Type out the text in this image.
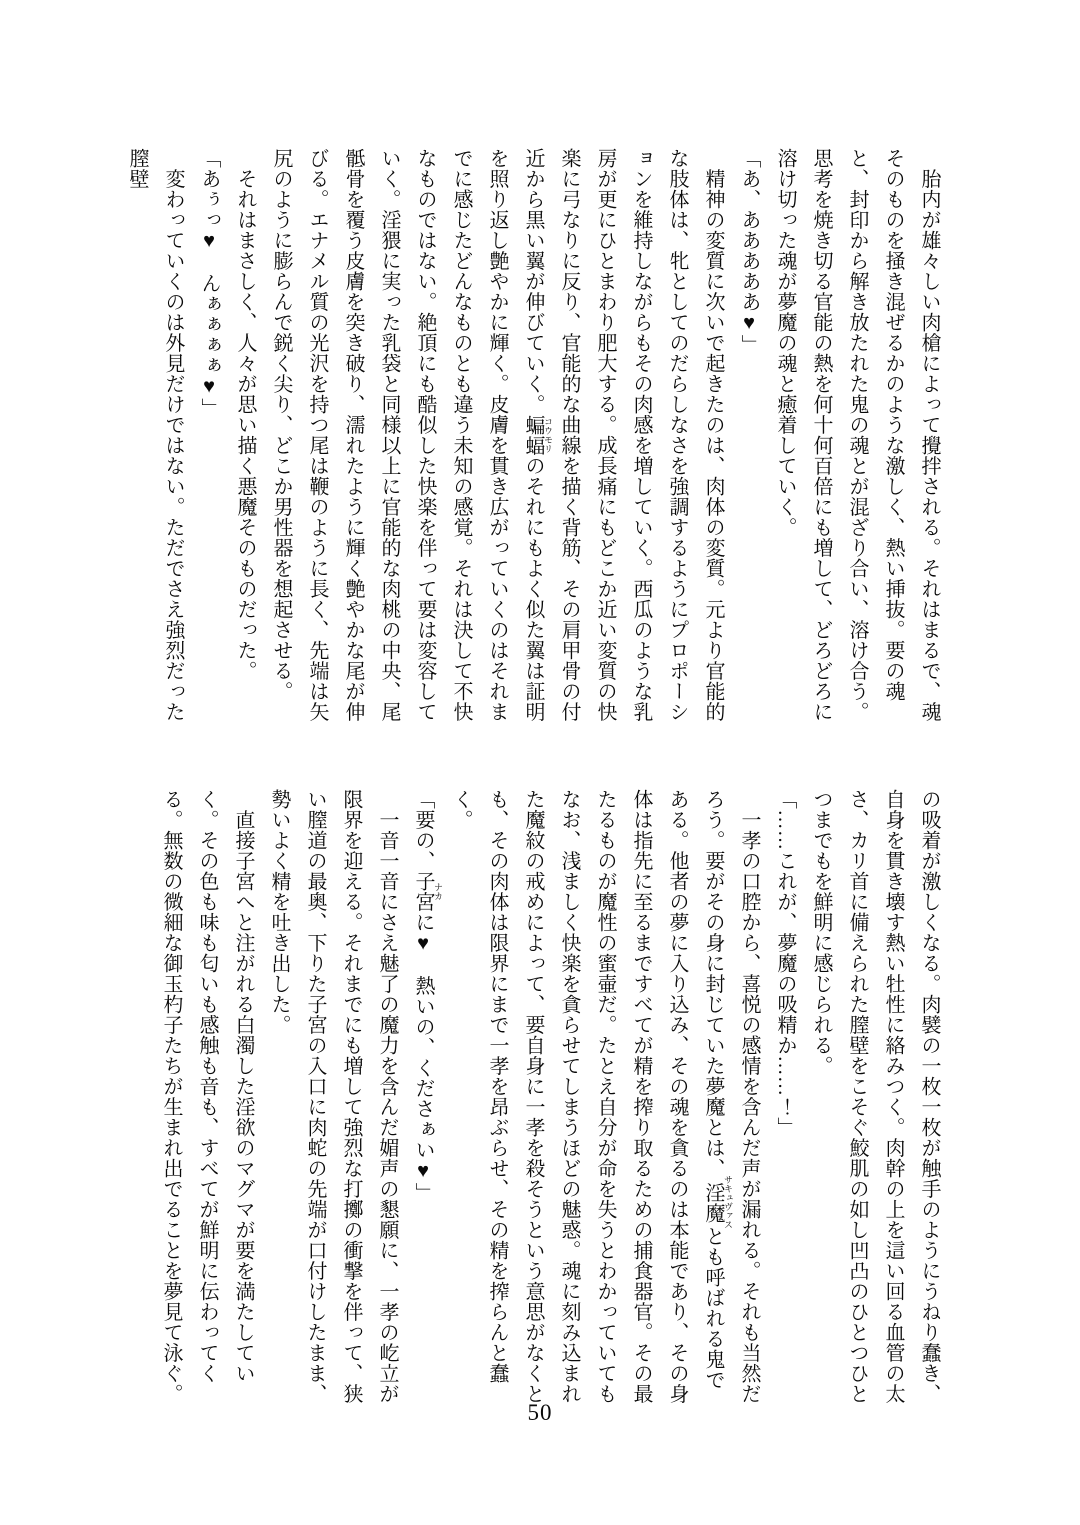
　胎内が雄々しい肉槍によって攪拌される。それはまるで、魂そのものを掻き混ぜるかのような激しく、熱い挿抜。要の魂と、封印から解き放たれた鬼の魂とが混ざり合い、溶け合う。思考を焼き切る官能の熱を何十何百倍にも増して、どろどろに溶け切った魂が夢魔の魂と癒着していく。

「あ、あああああ♥」

　精神の変質に次いで起きたのは、肉体の変質。元より官能的な肢体は、牝としてのだらしなさを強調するようにプロポーションを維持しながらもその肉感を増していく。西瓜のような乳房が更にひとまわり肥大する。成長痛にもどこか近い変質の快楽に弓なりに反り、官能的な曲線を描く背筋、その肩甲骨の付近から黒い翼が伸びていく。蝙蝠 コウモリのそれにもよく似た翼は証明を照り返し艶やかに輝く。皮膚を貫き広がっていくのはそれまでに感じたどんなものとも違う未知の感覚。それは決して不快なものではない。絶頂にも酷似した快楽を伴って要は変容していく。淫猥に実った乳袋と同様以上に官能的な肉桃の中央、尾骶骨を覆う皮膚を突き破り、濡れたように輝く艶やかな尾が伸びる。エナメル質の光沢を持つ尾は鞭のように長く、先端は矢尻のように膨らんで鋭く尖り、どこか男性器を想起させる。

　それはまさしく、人々が思い描く悪魔そのものだった。

「あぅっ♥　んぁぁぁぁ♥」

　変わっていくのは外見だけではない。ただでさえ強烈だった膣壁

の吸着が激しくなる。肉襞の一枚一枚が触手のようにうねり蠢き、自身を貫き壊す熱い牡性に絡みつく。肉幹の上を這い回る血管の太さ、カリ首に備えられた膣壁をこそぐ鮫肌の如し凹凸のひとつひとつまでもを鮮明に感じられる。

「……これが、夢魔の吸精か……！」

　一孝の口腔から、喜悦の感情を含んだ声が漏れる。それも当然だろう。要がその身に封じていた夢魔とは、淫魔 サキュヴァスとも呼ばれる鬼である。他者の夢に入り込み、その魂を貪るのは本能であり、その身体は指先に至るまですべてが精を搾り取るための捕食器官。その最たるものが魔性の蜜壷だ。たとえ自分が命を失うとわかっていてもなお、浅ましく快楽を貪らせてしまうほどの魅惑。魂に刻み込まれた魔紋の戒めによって、要自身に一孝を殺そうという意思がなくとも、その肉体は限界にまで一孝を昂ぶらせ、その精を搾らんと蠢く。

「要の、子宮 ナカに♥　熱いの、くださぁい♥」

　一音一音にさえ魅了の魔力を含んだ媚声の懇願に、一孝の屹立が限界を迎える。それまでにも増して強烈な打擲の衝撃を伴って、狭い膣道の最奥、下りた子宮の入口に肉蛇の先端が口付けしたまま、勢いよく精を吐き出した。

　直接子宮へと注がれる白濁した淫欲のマグマが要を満たしていく。その色も味も匂いも感触も音も、すべてが鮮明に伝わってくる。無数の微細な御玉杓子たちが生まれ出でることを夢見て泳ぐ。

50
